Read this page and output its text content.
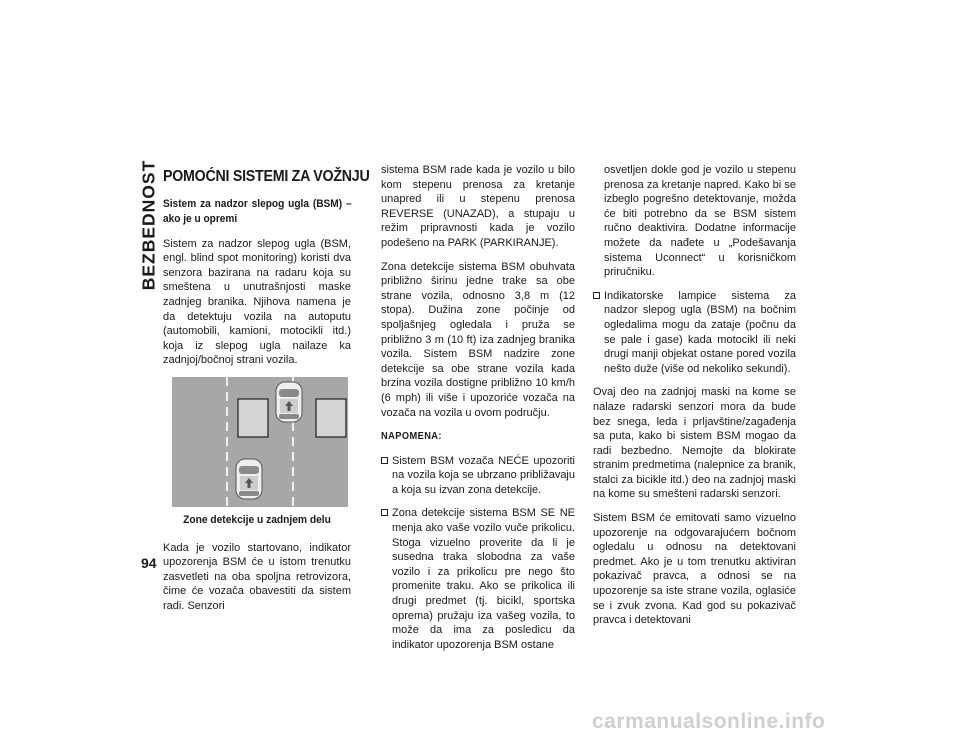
BEZBEDNOST
94
POMOĆNI SISTEMI ZA VOŽNJU
Sistem za nadzor slepog ugla (BSM) – ako je u opremi

Sistem za nadzor slepog ugla (BSM, engl. blind spot monitoring) koristi dva senzora bazirana na radaru koja su smeštena u unutrašnjosti maske zadnjeg branika. Njihova namena je da detektuju vozila na autoputu (automobili, kamioni, motocikli itd.) koja iz slepog ugla nailaze ka zadnjoj/bočnoj strani vozila.

Zone detekcije u zadnjem delu

Kada je vozilo startovano, indikator upozorenja BSM će u istom trenutku zasvetleti na oba spoljna retrovizora, čime će vozača obavestiti da sistem radi. Senzori

sistema BSM rade kada je vozilo u bilo kom stepenu prenosa za kretanje unapred ili u stepenu prenosa REVERSE (UNAZAD), a stupaju u režim pripravnosti kada je vozilo podešeno na PARK (PARKIRANJE).

Zona detekcije sistema BSM obuhvata približno širinu jedne trake sa obe strane vozila, odnosno 3,8 m (12 stopa). Dužina zone počinje od spoljašnjeg ogledala i pruža se približno 3 m (10 ft) iza zadnjeg branika vozila. Sistem BSM nadzire zone detekcije sa obe strane vozila kada brzina vozila dostigne približno 10 km/h (6 mph) ili više i upozoriće vozača na vozača na vozila u ovom području.

NAPOMENA:
Sistem BSM vozača NEĆE upozoriti na vozila koja se ubrzano približavaju a koja su izvan zona detekcije.
Zona detekcije sistema BSM SE NE menja ako vaše vozilo vuče prikolicu. Stoga vizuelno proverite da li je susedna traka slobodna za vaše vozilo i za prikolicu pre nego što promenite traku. Ako se prikolica ili drugi predmet (tj. bicikl, sportska oprema) pružaju iza vašeg vozila, to može da ima za posledicu da indikator upozorenja BSM ostane
osvetljen dokle god je vozilo u stepenu prenosa za kretanje napred. Kako bi se izbeglo pogrešno detektovanje, možda će biti potrebno da se BSM sistem ručno deaktivira. Dodatne informacije možete da nađete u „Podešavanja sistema Uconnect“ u korisničkom priručniku.
Indikatorske lampice sistema za nadzor slepog ugla (BSM) na bočnim ogledalima mogu da zataje (počnu da se pale i gase) kada motocikl ili neki drugi manji objekat ostane pored vozila nešto duže (više od nekoliko sekundi).

Ovaj deo na zadnjoj maski na kome se nalaze radarski senzori mora da bude bez snega, leda i prljavštine/zagađenja sa puta, kako bi sistem BSM mogao da radi bezbedno. Nemojte da blokirate stranim predmetima (nalepnice za branik, stalci za bicikle itd.) deo na zadnjoj maski na kome su smešteni radarski senzori.

Sistem BSM će emitovati samo vizuelno upozorenje na odgovarajućem bočnom ogledalu u odnosu na detektovani predmet. Ako je u tom trenutku aktiviran pokazivač pravca, a odnosi se na upozorenje sa iste strane vozila, oglasiće se i zvuk zvona. Kad god su pokazivač pravca i detektovani

carmanualsonline.info
